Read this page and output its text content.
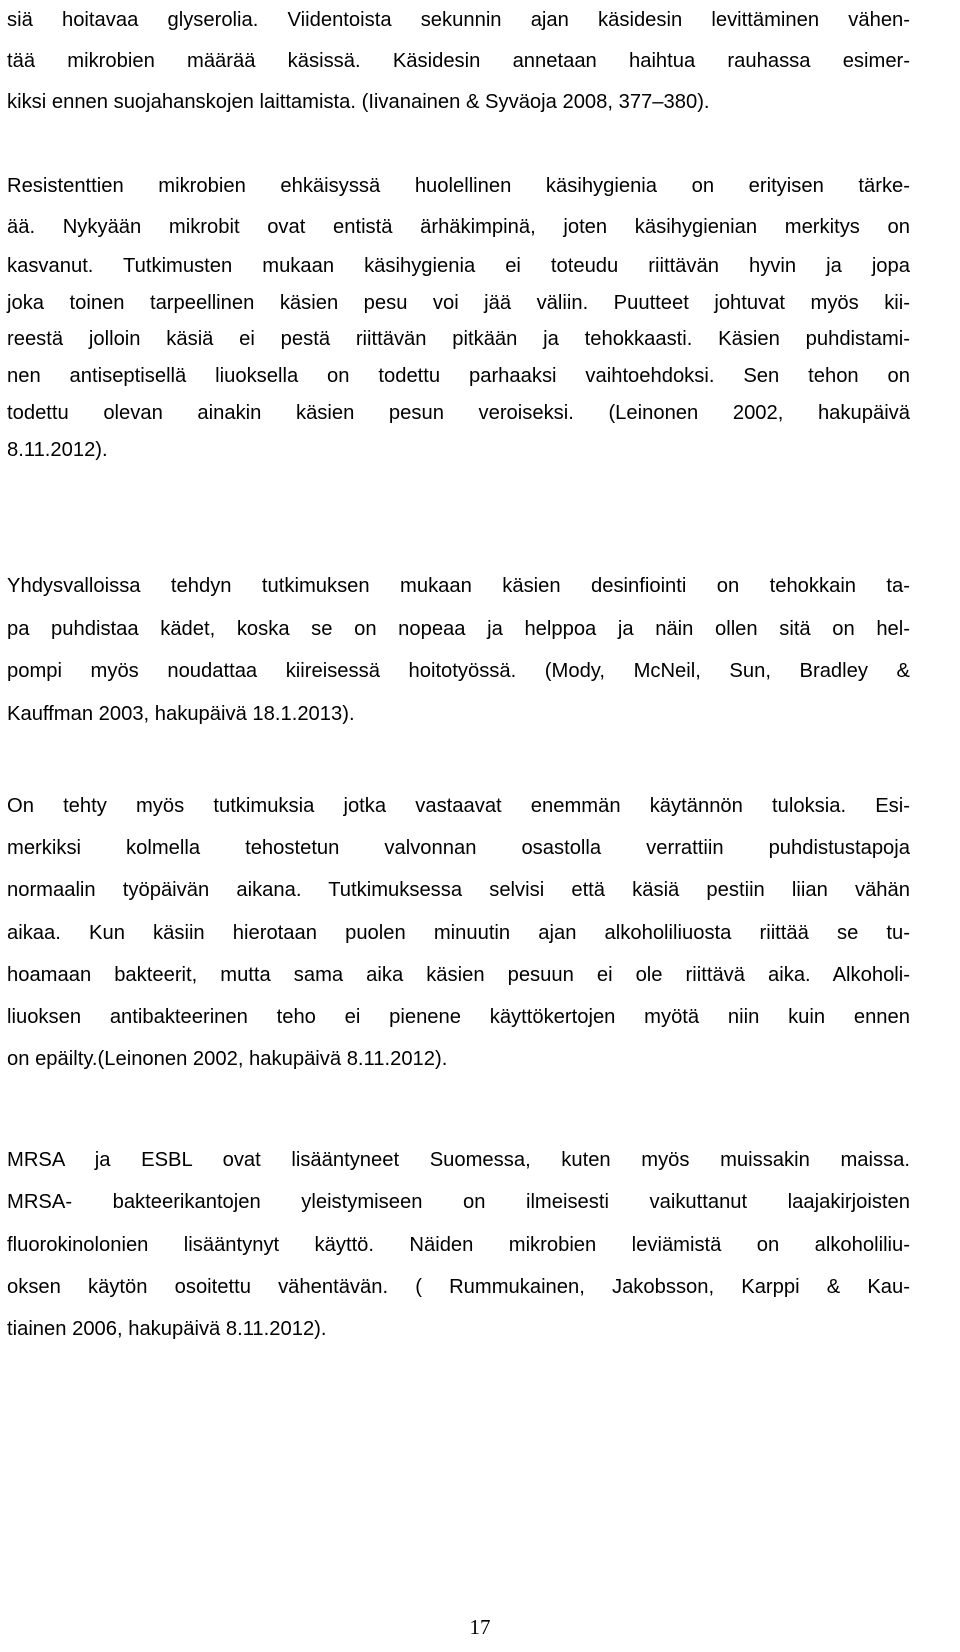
siä hoitavaa glyserolia. Viidentoista sekunnin ajan käsidesin levittäminen vähen-
tää mikrobien määrää käsissä. Käsidesin annetaan haihtua rauhassa esimer-
kiksi ennen suojahanskojen laittamista. (Iivanainen & Syväoja 2008, 377–380).
Resistenttien mikrobien ehkäisyssä huolellinen käsihygienia on erityisen tärke-
ää. Nykyään mikrobit ovat entistä ärhäkimpinä, joten käsihygienian merkitys on
kasvanut. Tutkimusten mukaan käsihygienia ei toteudu riittävän hyvin ja jopa
joka toinen tarpeellinen käsien pesu voi jää väliin. Puutteet johtuvat myös kii-
reestä jolloin käsiä ei pestä riittävän pitkään ja tehokkaasti. Käsien puhdistami-
nen antiseptisellä liuoksella on todettu parhaaksi vaihtoehdoksi. Sen tehon on
todettu olevan ainakin käsien pesun veroiseksi. (Leinonen 2002, hakupäivä
8.11.2012).
Yhdysvalloissa tehdyn tutkimuksen mukaan käsien desinfiointi on tehokkain ta-
pa puhdistaa kädet, koska se on nopeaa ja helppoa ja näin ollen sitä on hel-
pompi myös noudattaa kiireisessä hoitotyössä. (Mody, McNeil, Sun, Bradley &
Kauffman 2003, hakupäivä 18.1.2013).
On tehty myös tutkimuksia jotka vastaavat enemmän käytännön tuloksia. Esi-
merkiksi kolmella tehostetun valvonnan osastolla verrattiin puhdistustapoja
normaalin työpäivän aikana. Tutkimuksessa selvisi että käsiä pestiin liian vähän
aikaa. Kun käsiin hierotaan puolen minuutin ajan alkoholiliuosta riittää se tu-
hoamaan bakteerit, mutta sama aika käsien pesuun ei ole riittävä aika. Alkoholi-
liuoksen antibakteerinen teho ei pienene käyttökertojen myötä niin kuin ennen
on epäilty.(Leinonen 2002, hakupäivä 8.11.2012).
MRSA ja ESBL ovat lisääntyneet Suomessa, kuten myös muissakin maissa.
MRSA- bakteerikantojen yleistymiseen on ilmeisesti vaikuttanut laajakirjoisten
fluorokinolonien lisääntynyt käyttö. Näiden mikrobien leviämistä on alkoholiliu-
oksen käytön osoitettu vähentävän. ( Rummukainen, Jakobsson, Karppi & Kau-
tiainen 2006, hakupäivä 8.11.2012).

17
